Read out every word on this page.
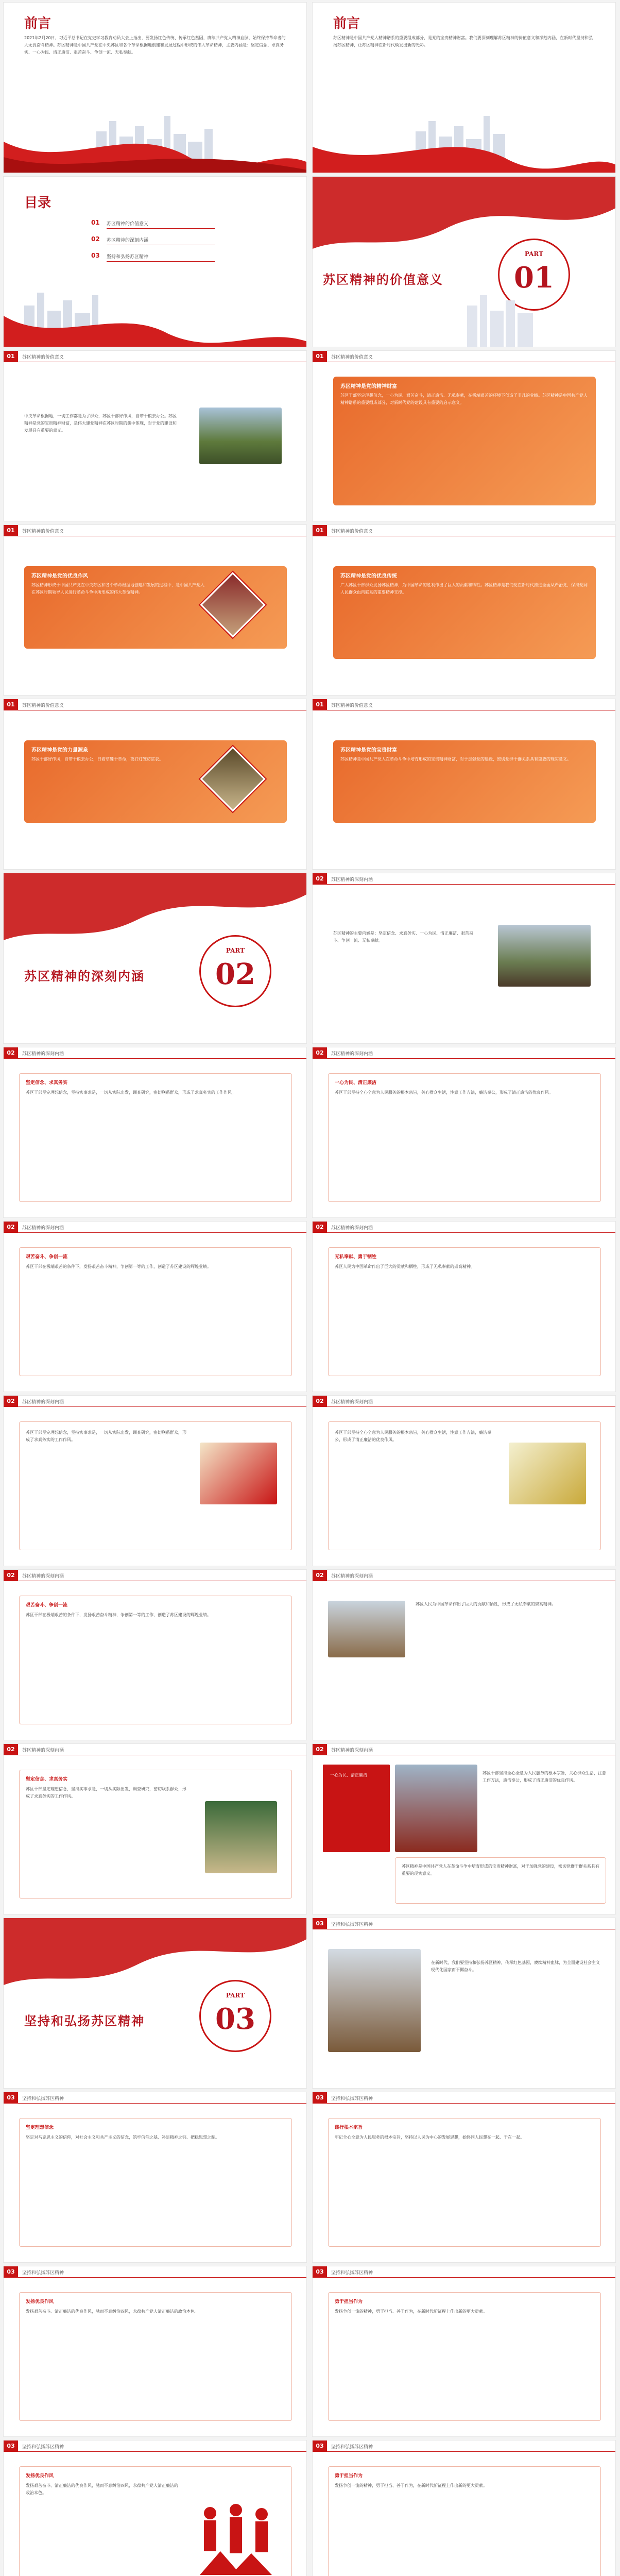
前言
2021年2月20日，习近平总书记在党史学习教育动员大会上指出，要发扬红色传统、传承红色基因，赓续共产党人精神血脉，始终保持革命者的大无畏奋斗精神。苏区精神是中国共产党在中央苏区和各个革命根据地创建和发展过程中形成的伟大革命精神，主要内涵是：坚定信念、求真务实、一心为民、清正廉洁、艰苦奋斗、争创一流、无私奉献。
前言
苏区精神是中国共产党人精神谱系的重要组成部分，是党的宝贵精神财富。我们要深刻理解苏区精神的价值意义和深刻内涵，在新时代坚持和弘扬苏区精神，让苏区精神在新时代焕发出新的光彩。
目录
01 苏区精神的价值意义
02 苏区精神的深刻内涵
03 坚持和弘扬苏区精神
苏区精神的价值意义
PART
01
01	苏区精神的价值意义
中央革命根据地，一切工作都是为了群众，苏区干部好作风，自带干粮去办公。苏区精神是党的宝贵精神财富，是伟大建党精神在苏区时期的集中体现，对于党的建设和发展具有重要的意义。
01	苏区精神的价值意义
苏区精神是党的精神财富
苏区干部坚定理想信念，一心为民、艰苦奋斗，清正廉洁、无私奉献，在极端艰苦的环境下创造了非凡的业绩。苏区精神是中国共产党人精神谱系的重要组成部分，对新时代党的建设具有重要的启示意义。
01	苏区精神的价值意义
苏区精神是党的优良作风
苏区精神形成于中国共产党在中央苏区和各个革命根据地创建和发展的过程中，是中国共产党人在苏区时期领导人民进行革命斗争中所形成的伟大革命精神。
01	苏区精神的价值意义
苏区精神是党的优良传统
广大苏区干部群众发扬苏区精神，为中国革命的胜利作出了巨大的贡献和牺牲。苏区精神是我们党在新时代推进全面从严治党，保持党同人民群众血肉联系的重要精神支撑。
01	苏区精神的价值意义
苏区精神是党的力量源泉
苏区干部好作风，自带干粮去办公，日着草鞋干革命，夜打灯笼访贫农。
01	苏区精神的价值意义
苏区精神是党的宝贵财富
苏区精神是中国共产党人在革命斗争中培育形成的宝贵精神财富，对于加强党的建设，密切党群干群关系具有重要的现实意义。
苏区精神的深刻内涵
PART
02
02	苏区精神的深刻内涵
苏区精神的主要内涵是：坚定信念、求真务实、一心为民、清正廉洁、艰苦奋斗、争创一流、无私奉献。
02	苏区精神的深刻内涵
坚定信念、求真务实
苏区干部坚定理想信念，坚持实事求是，一切从实际出发，调查研究，密切联系群众，形成了求真务实的工作作风。
02	苏区精神的深刻内涵
一心为民、清正廉洁
苏区干部坚持全心全意为人民服务的根本宗旨，关心群众生活，注意工作方法，廉洁奉公，形成了清正廉洁的优良作风。
02	苏区精神的深刻内涵
艰苦奋斗、争创一流
苏区干部在极端艰苦的条件下，发扬艰苦奋斗精神，争创第一等的工作，创造了苏区建设的辉煌业绩。
02	苏区精神的深刻内涵
无私奉献、勇于牺牲
苏区人民为中国革命作出了巨大的贡献和牺牲，形成了无私奉献的崇高精神。
02	苏区精神的深刻内涵
苏区干部坚定理想信念，坚持实事求是，一切从实际出发，调查研究，密切联系群众，形成了求真务实的工作作风。
02	苏区精神的深刻内涵
苏区干部坚持全心全意为人民服务的根本宗旨，关心群众生活，注意工作方法，廉洁奉公，形成了清正廉洁的优良作风。
02	苏区精神的深刻内涵
艰苦奋斗、争创一流
苏区干部在极端艰苦的条件下，发扬艰苦奋斗精神，争创第一等的工作，创造了苏区建设的辉煌业绩。
02	苏区精神的深刻内涵
苏区人民为中国革命作出了巨大的贡献和牺牲，形成了无私奉献的崇高精神。
02	苏区精神的深刻内涵
坚定信念、求真务实
苏区干部坚定理想信念，坚持实事求是，一切从实际出发，调查研究，密切联系群众，形成了求真务实的工作作风。
02	苏区精神的深刻内涵
一心为民、清正廉洁	苏区干部坚持全心全意为人民服务的根本宗旨，关心群众生活，注意工作方法，廉洁奉公，形成了清正廉洁的优良作风。
苏区精神是中国共产党人在革命斗争中培育形成的宝贵精神财富，对于加强党的建设，密切党群干群关系具有重要的现实意义。
坚持和弘扬苏区精神
PART
03
03	坚持和弘扬苏区精神
在新时代，我们要坚持和弘扬苏区精神，传承红色基因，赓续精神血脉，为全面建设社会主义现代化国家而不懈奋斗。
03	坚持和弘扬苏区精神
坚定理想信念
坚定对马克思主义的信仰，对社会主义和共产主义的信念，筑牢信仰之基、补足精神之钙、把稳思想之舵。
03	坚持和弘扬苏区精神
践行根本宗旨
牢记全心全意为人民服务的根本宗旨，坚持以人民为中心的发展思想，始终同人民想在一起、干在一起。
03	坚持和弘扬苏区精神
发扬优良作风
发扬艰苦奋斗、清正廉洁的优良作风，驰而不息纠治四风，永葆共产党人清正廉洁的政治本色。
03	坚持和弘扬苏区精神
勇于担当作为
发扬争创一流的精神，勇于担当、善于作为，在新时代新征程上作出新的更大贡献。
03	坚持和弘扬苏区精神
发扬优良作风
发扬艰苦奋斗、清正廉洁的优良作风，驰而不息纠治四风，永葆共产党人清正廉洁的政治本色。
03	坚持和弘扬苏区精神
勇于担当作为
发扬争创一流的精神，勇于担当、善于作为，在新时代新征程上作出新的更大贡献。
